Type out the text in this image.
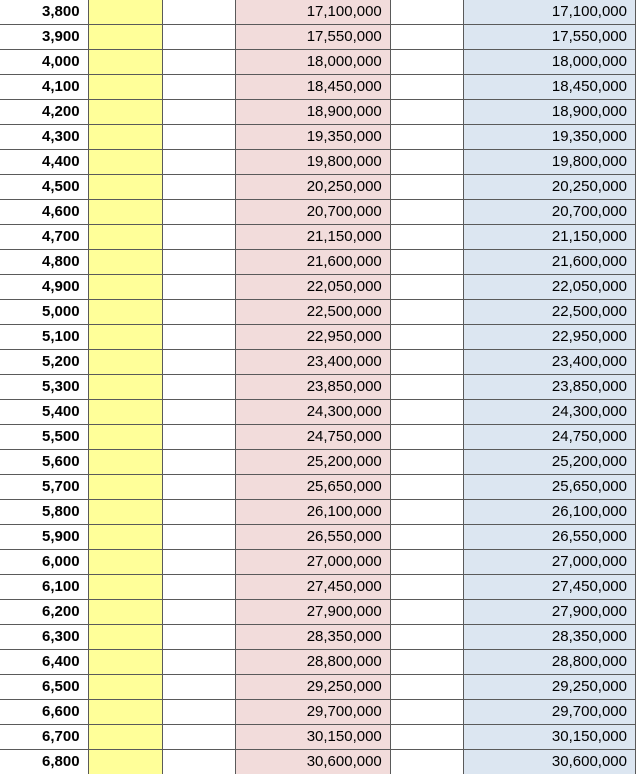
3,800			17,100,000		17,100,000
3,900			17,550,000		17,550,000
4,000			18,000,000		18,000,000
4,100			18,450,000		18,450,000
4,200			18,900,000		18,900,000
4,300			19,350,000		19,350,000
4,400			19,800,000		19,800,000
4,500			20,250,000		20,250,000
4,600			20,700,000		20,700,000
4,700			21,150,000		21,150,000
4,800			21,600,000		21,600,000
4,900			22,050,000		22,050,000
5,000			22,500,000		22,500,000
5,100			22,950,000		22,950,000
5,200			23,400,000		23,400,000
5,300			23,850,000		23,850,000
5,400			24,300,000		24,300,000
5,500			24,750,000		24,750,000
5,600			25,200,000		25,200,000
5,700			25,650,000		25,650,000
5,800			26,100,000		26,100,000
5,900			26,550,000		26,550,000
6,000			27,000,000		27,000,000
6,100			27,450,000		27,450,000
6,200			27,900,000		27,900,000
6,300			28,350,000		28,350,000
6,400			28,800,000		28,800,000
6,500			29,250,000		29,250,000
6,600			29,700,000		29,700,000
6,700			30,150,000		30,150,000
6,800			30,600,000		30,600,000
